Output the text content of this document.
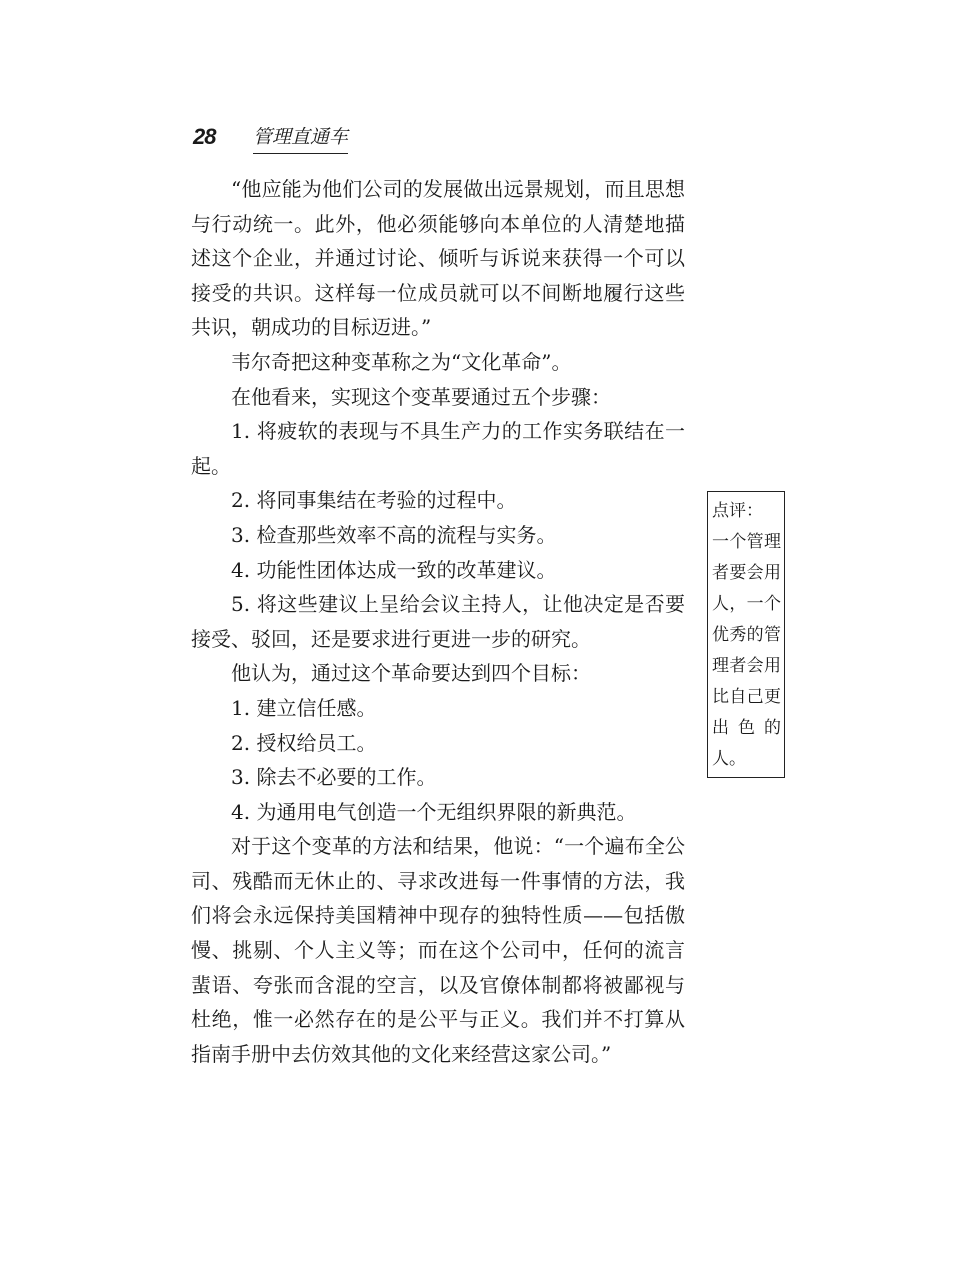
28 管理直通车

“他应能为他们公司的发展做出远景规划，而且思想与行动统一。此外，他必须能够向本单位的人清楚地描述这个企业，并通过讨论、倾听与诉说来获得一个可以接受的共识。这样每一位成员就可以不间断地履行这些共识，朝成功的目标迈进。”

韦尔奇把这种变革称之为“文化革命”。

在他看来，实现这个变革要通过五个步骤：

1. 将疲软的表现与不具生产力的工作实务联结在一起。

2. 将同事集结在考验的过程中。

3. 检查那些效率不高的流程与实务。

4. 功能性团体达成一致的改革建议。

5. 将这些建议上呈给会议主持人，让他决定是否要接受、驳回，还是要求进行更进一步的研究。

他认为，通过这个革命要达到四个目标：

1. 建立信任感。

2. 授权给员工。

3. 除去不必要的工作。

4. 为通用电气创造一个无组织界限的新典范。

对于这个变革的方法和结果，他说：“一个遍布全公司、残酷而无休止的、寻求改进每一件事情的方法，我们将会永远保持美国精神中现存的独特性质——包括傲慢、挑剔、个人主义等；而在这个公司中，任何的流言蜚语、夸张而含混的空言，以及官僚体制都将被鄙视与杜绝，惟一必然存在的是公平与正义。我们并不打算从指南手册中去仿效其他的文化来经营这家公司。”

点评：

一个管理者要会用人，一个优秀的管理者会用比自己更出色的人。
